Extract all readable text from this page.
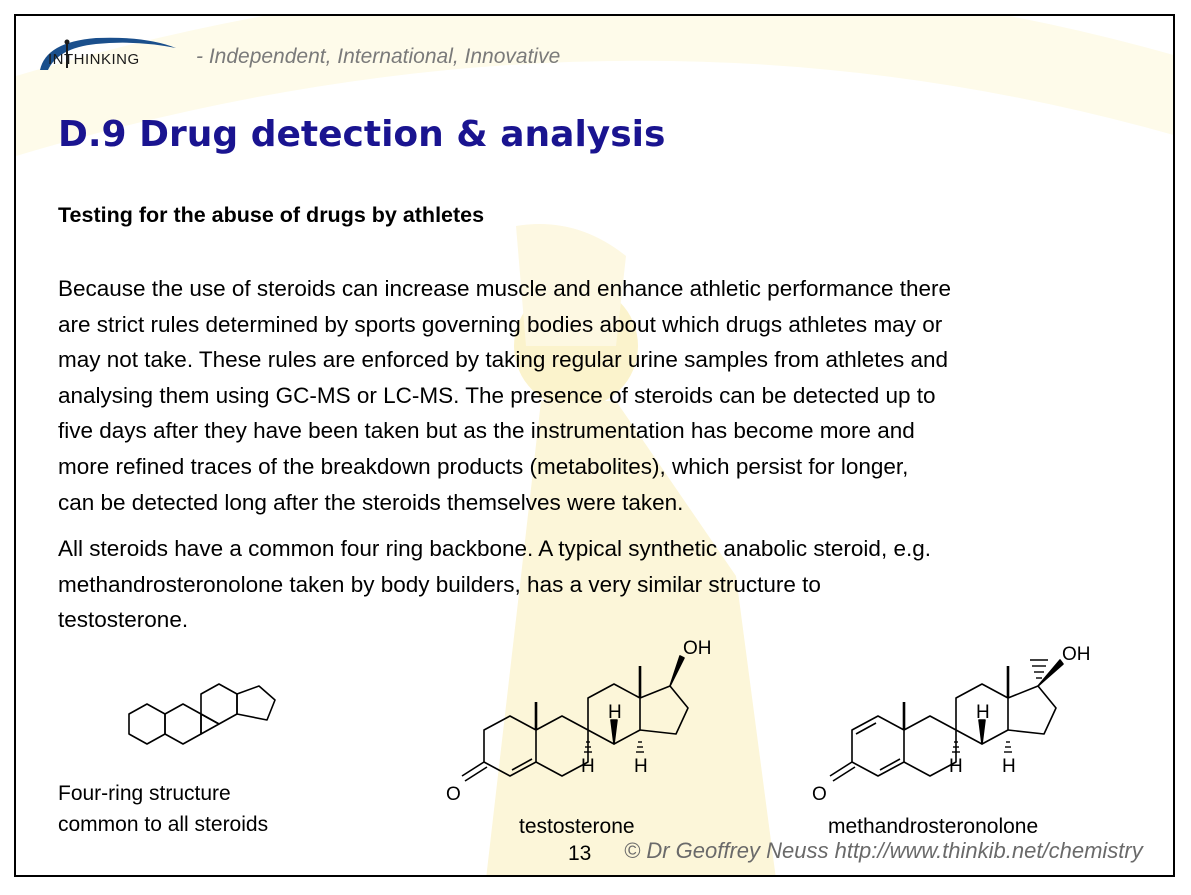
INTHINKING	- Independent, International, Innovative
D.9 Drug detection & analysis
Testing for the abuse of drugs by athletes
Because the use of steroids can increase muscle and enhance athletic performance there
are strict rules determined by sports governing bodies about which drugs athletes may or
may not take. These rules are enforced by taking regular urine samples from athletes and
analysing them using GC-MS or LC-MS. The presence of steroids can be detected up to
five days after they have been taken but as the instrumentation has become more and
more refined traces of the breakdown products (metabolites), which persist for longer,
can be detected long after the steroids themselves were taken.
All steroids have a common four ring backbone. A typical synthetic anabolic steroid, e.g.
methandrosteronolone taken by body builders, has a very similar structure to
testosterone.
OH
H
H H
O
OH
H
H H
O
Four-ring structure
common to all steroids	testosterone	methandrosteronolone
13 © Dr Geoffrey Neuss http://www.thinkib.net/chemistry
